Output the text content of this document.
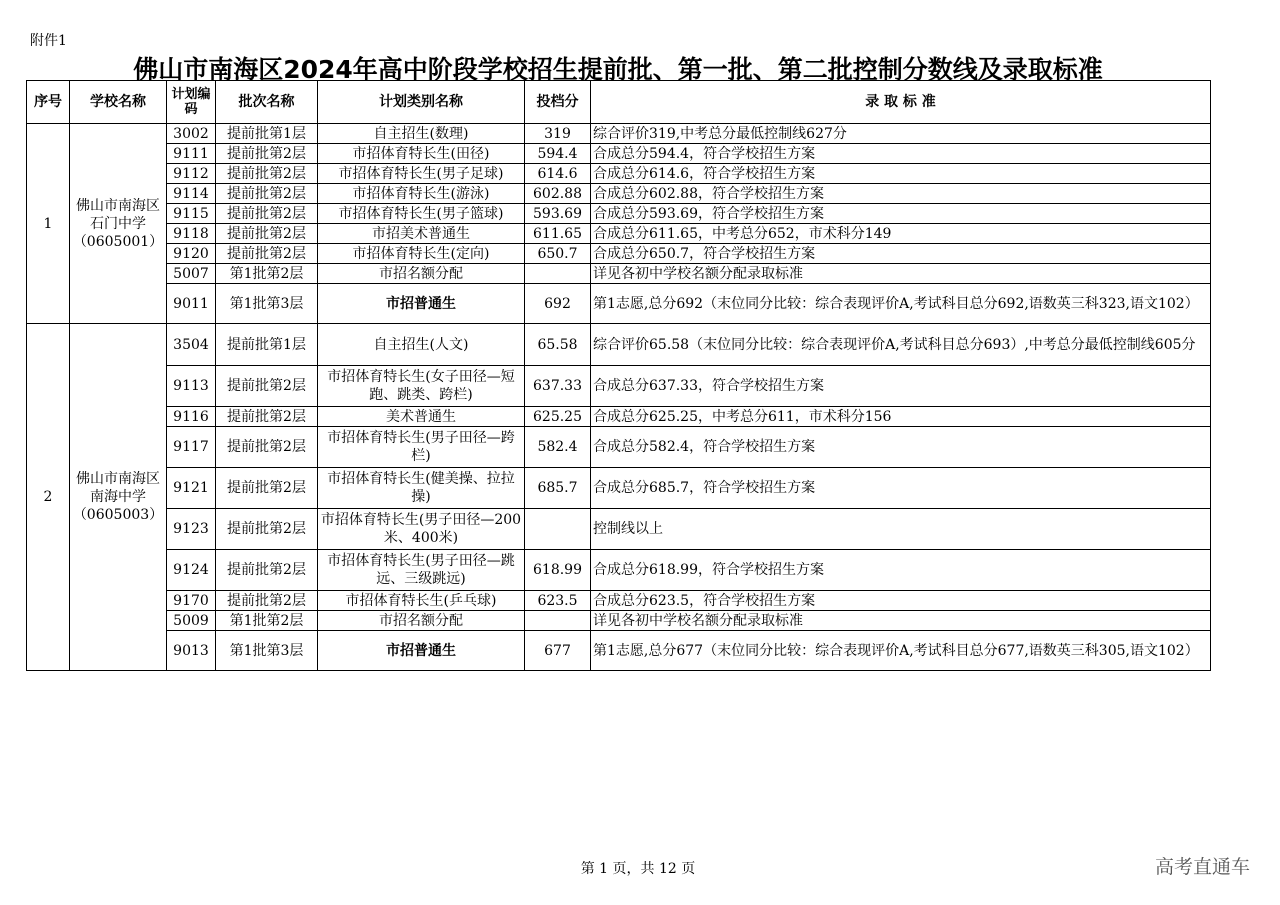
附件1
佛山市南海区2024年高中阶段学校招生提前批、第一批、第二批控制分数线及录取标准
序号	学校名称	计划编码	批次名称	计划类别名称	投档分	录 取 标 准
1	佛山市南海区石门中学（0605001）	3002	提前批第1层	自主招生(数理)	319	综合评价319,中考总分最低控制线627分
		9111	提前批第2层	市招体育特长生(田径)	594.4	合成总分594.4，符合学校招生方案
		9112	提前批第2层	市招体育特长生(男子足球)	614.6	合成总分614.6，符合学校招生方案
		9114	提前批第2层	市招体育特长生(游泳)	602.88	合成总分602.88，符合学校招生方案
		9115	提前批第2层	市招体育特长生(男子篮球)	593.69	合成总分593.69，符合学校招生方案
		9118	提前批第2层	市招美术普通生	611.65	合成总分611.65，中考总分652，市术科分149
		9120	提前批第2层	市招体育特长生(定向)	650.7	合成总分650.7，符合学校招生方案
		5007	第1批第2层	市招名额分配		详见各初中学校名额分配录取标准
		9011	第1批第3层	市招普通生	692	第1志愿,总分692（末位同分比较：综合表现评价A,考试科目总分692,语数英三科323,语文102）
2	佛山市南海区南海中学（0605003）	3504	提前批第1层	自主招生(人文)	65.58	综合评价65.58（末位同分比较：综合表现评价A,考试科目总分693）,中考总分最低控制线605分
		9113	提前批第2层	市招体育特长生(女子田径—短跑、跳类、跨栏)	637.33	合成总分637.33，符合学校招生方案
		9116	提前批第2层	美术普通生	625.25	合成总分625.25，中考总分611，市术科分156
		9117	提前批第2层	市招体育特长生(男子田径—跨栏)	582.4	合成总分582.4，符合学校招生方案
		9121	提前批第2层	市招体育特长生(健美操、拉拉操)	685.7	合成总分685.7，符合学校招生方案
		9123	提前批第2层	市招体育特长生(男子田径—200米、400米)		控制线以上
		9124	提前批第2层	市招体育特长生(男子田径—跳远、三级跳远)	618.99	合成总分618.99，符合学校招生方案
		9170	提前批第2层	市招体育特长生(乒乓球)	623.5	合成总分623.5，符合学校招生方案
		5009	第1批第2层	市招名额分配		详见各初中学校名额分配录取标准
		9013	第1批第3层	市招普通生	677	第1志愿,总分677（末位同分比较：综合表现评价A,考试科目总分677,语数英三科305,语文102）
第 1 页，共 12 页	高考直通车
